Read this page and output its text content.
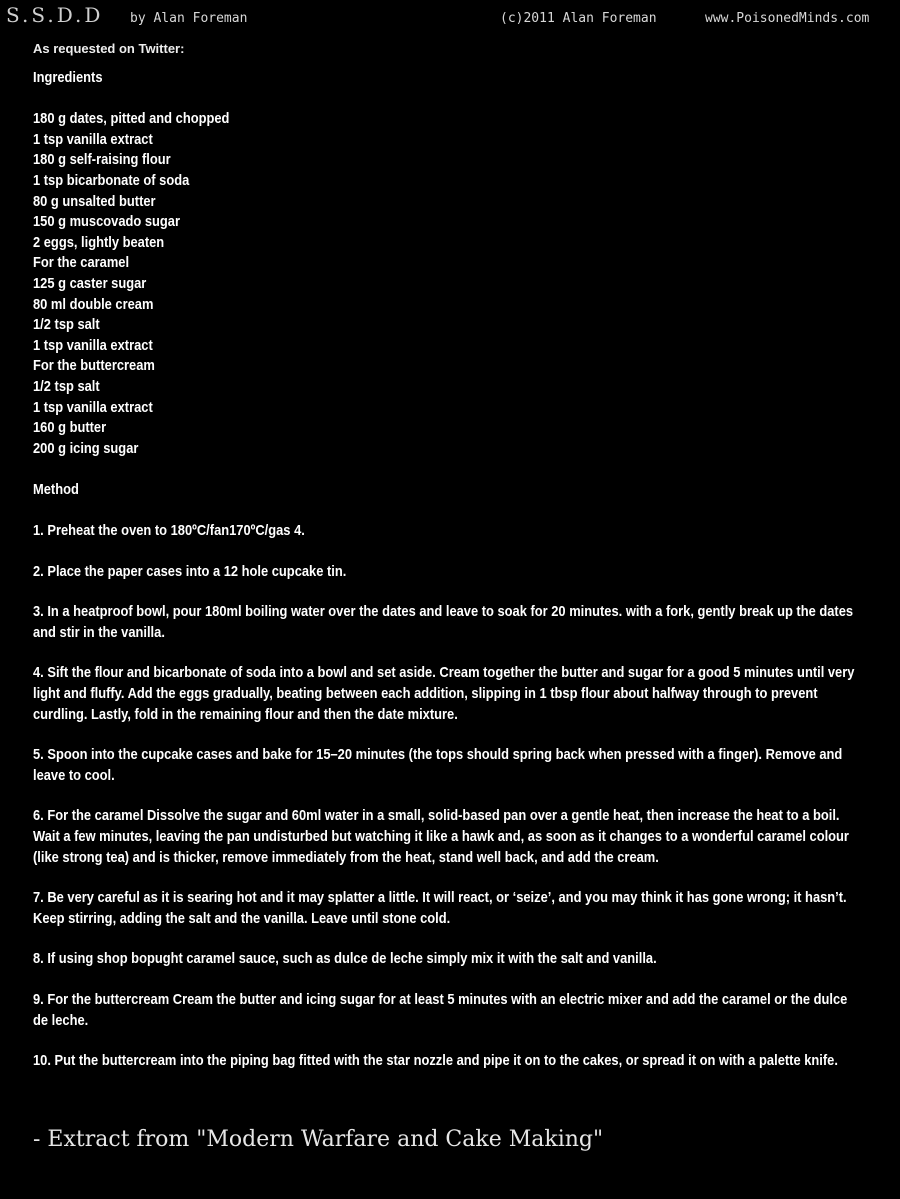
S.S.D.D by Alan Foreman	(c)2011 Alan Foreman	www.PoisonedMinds.com

As requested on Twitter:

Ingredients

180 g dates, pitted and chopped
1 tsp vanilla extract
180 g self-raising flour
1 tsp bicarbonate of soda
80 g unsalted butter
150 g muscovado sugar
2 eggs, lightly beaten
For the caramel
125 g caster sugar
80 ml double cream
1/2 tsp salt
1 tsp vanilla extract
For the buttercream
1/2 tsp salt
1 tsp vanilla extract
160 g butter
200 g icing sugar

Method

1. Preheat the oven to 180ºC/fan170ºC/gas 4.
2. Place the paper cases into a 12 hole cupcake tin.
3. In a heatproof bowl, pour 180ml boiling water over the dates and leave to soak for 20 minutes. with a fork, gently break up the dates and stir in the vanilla.
4. Sift the flour and bicarbonate of soda into a bowl and set aside. Cream together the butter and sugar for a good 5 minutes until very light and fluffy. Add the eggs gradually, beating between each addition, slipping in 1 tbsp flour about halfway through to prevent curdling. Lastly, fold in the remaining flour and then the date mixture.
5. Spoon into the cupcake cases and bake for 15–20 minutes (the tops should spring back when pressed with a finger). Remove and leave to cool.
6. For the caramel Dissolve the sugar and 60ml water in a small, solid-based pan over a gentle heat, then increase the heat to a boil. Wait a few minutes, leaving the pan undisturbed but watching it like a hawk and, as soon as it changes to a wonderful caramel colour (like strong tea) and is thicker, remove immediately from the heat, stand well back, and add the cream.
7. Be very careful as it is searing hot and it may splatter a little. It will react, or ‘seize’, and you may think it has gone wrong; it hasn’t. Keep stirring, adding the salt and the vanilla. Leave until stone cold.
8. If using shop bopught caramel sauce, such as dulce de leche simply mix it with the salt and vanilla.
9. For the buttercream Cream the butter and icing sugar for at least 5 minutes with an electric mixer and add the caramel or the dulce de leche.
10. Put the buttercream into the piping bag fitted with the star nozzle and pipe it on to the cakes, or spread it on with a palette knife.
- Extract from "Modern Warfare and Cake Making"
